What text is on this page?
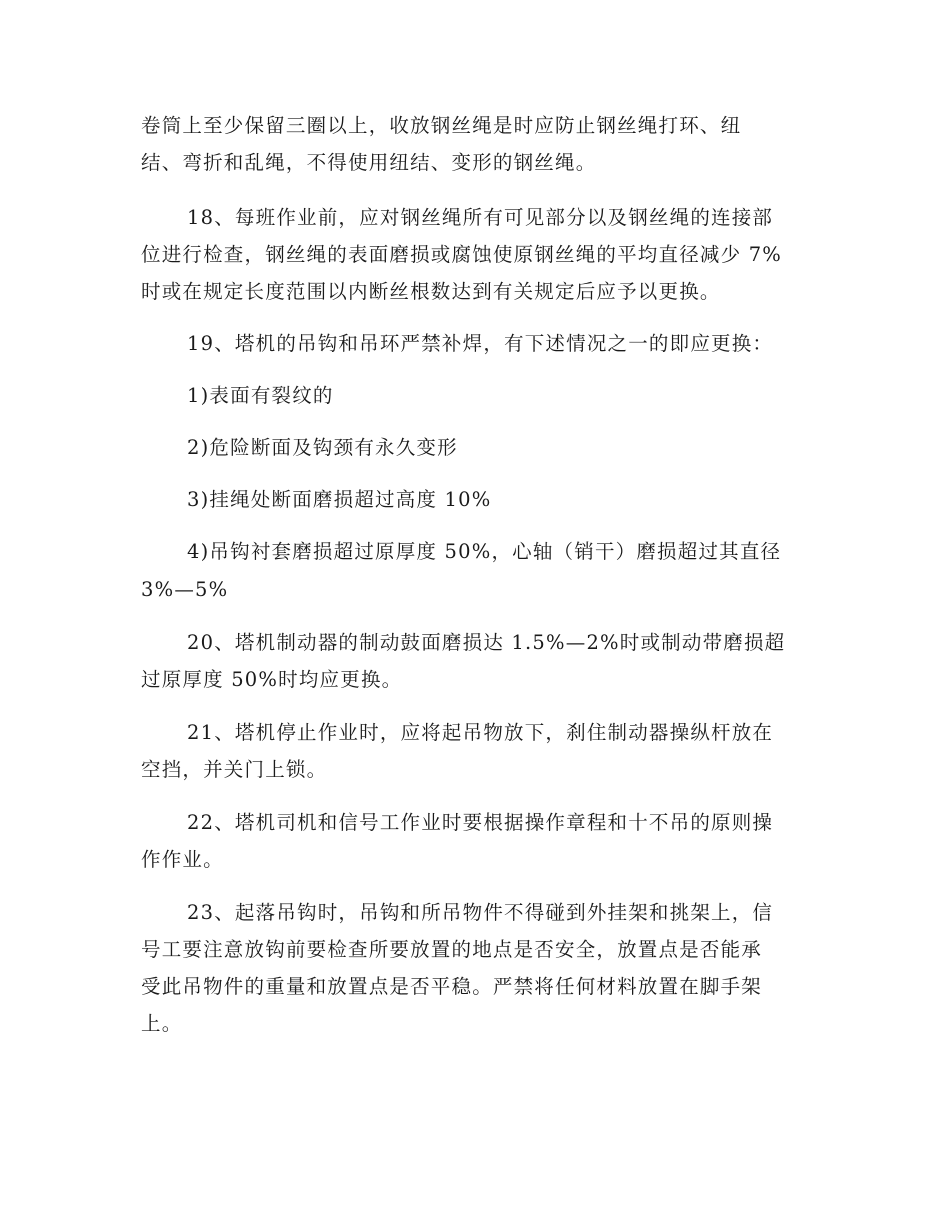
卷筒上至少保留三圈以上，收放钢丝绳是时应防止钢丝绳打环、纽
结、弯折和乱绳，不得使用纽结、变形的钢丝绳。
18、每班作业前，应对钢丝绳所有可见部分以及钢丝绳的连接部
位进行检查，钢丝绳的表面磨损或腐蚀使原钢丝绳的平均直径减少 7%
时或在规定长度范围以内断丝根数达到有关规定后应予以更换。
19、塔机的吊钩和吊环严禁补焊，有下述情况之一的即应更换：
1)表面有裂纹的
2)危险断面及钩颈有永久变形
3)挂绳处断面磨损超过高度 10%
4)吊钩衬套磨损超过原厚度 50%，心轴（销干）磨损超过其直径
3%—5%
20、塔机制动器的制动鼓面磨损达 1.5%—2%时或制动带磨损超
过原厚度 50%时均应更换。
21、塔机停止作业时，应将起吊物放下，刹住制动器操纵杆放在
空挡，并关门上锁。
22、塔机司机和信号工作业时要根据操作章程和十不吊的原则操
作作业。
23、起落吊钩时，吊钩和所吊物件不得碰到外挂架和挑架上，信
号工要注意放钩前要检查所要放置的地点是否安全，放置点是否能承
受此吊物件的重量和放置点是否平稳。严禁将任何材料放置在脚手架
上。
